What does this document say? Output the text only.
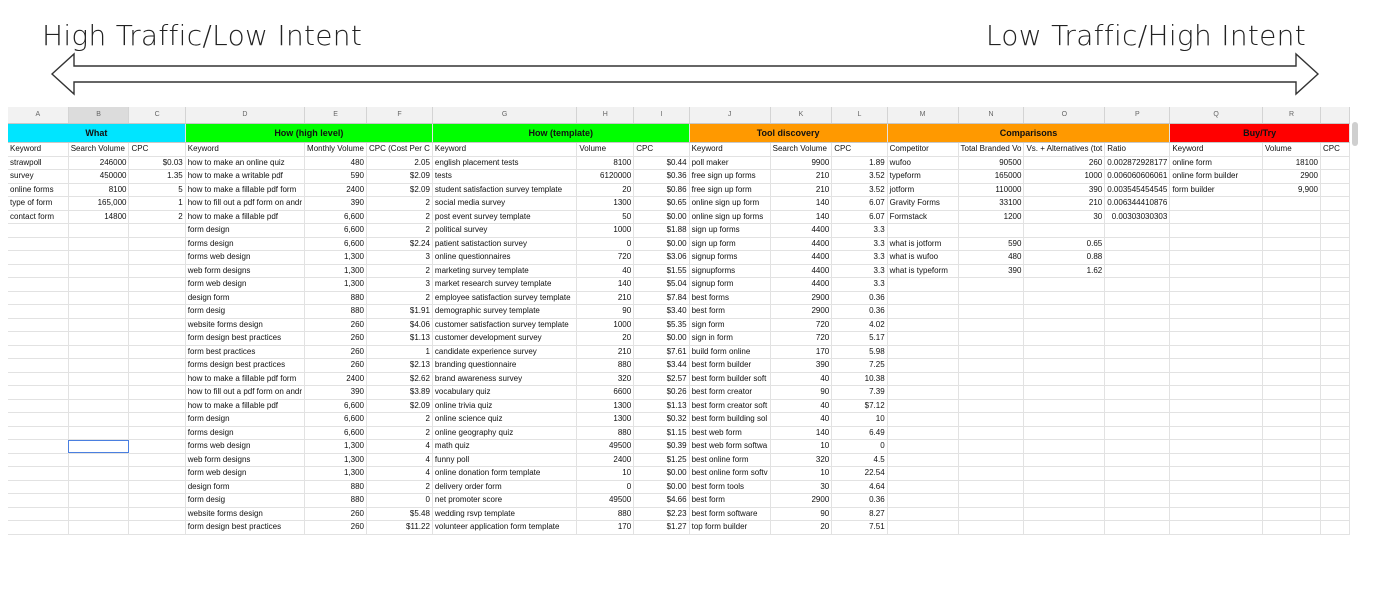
High Traffic/Low Intent	Low Traffic/High Intent
A	B	C	D	E	F	G	H	I	J	K	L	M	N	O	P	Q	R	
What			How (high level)			How (template)			Tool discovery			Comparisons				Buy/Try		
Keyword	Search Volume	CPC	Keyword	Monthly Volume	CPC (Cost Per C	Keyword	Volume	CPC	Keyword	Search Volume	CPC	Competitor	Total Branded Vo	Vs. + Alternatives (tot	Ratio	Keyword	Volume	CPC
strawpoll	246000	$0.03	how to make an online quiz	480	2.05	english placement tests	8100	$0.44	poll maker	9900	1.89	wufoo	90500	260	0.002872928177	online form	18100	
survey	450000	1.35	how to make a writable pdf	590	$2.09	tests	6120000	$0.36	free sign up forms	210	3.52	typeform	165000	1000	0.006060606061	online form builder	2900	
online forms	8100	5	how to make a fillable pdf form	2400	$2.09	student satisfaction survey template	20	$0.86	free sign up form	210	3.52	jotform	110000	390	0.003545454545	form builder	9,900	
type of form	165,000	1	how to fill out a pdf form on andr	390	2	social media survey	1300	$0.65	online sign up form	140	6.07	Gravity Forms	33100	210	0.006344410876			
contact form	14800	2	how to make a fillable pdf	6,600	2	post event survey template	50	$0.00	online sign up forms	140	6.07	Formstack	1200	30	0.00303030303			
			form design	6,600	2	political survey	1000	$1.88	sign up forms	4400	3.3							
			forms design	6,600	$2.24	patient satistaction survey	0	$0.00	sign up form	4400	3.3	what is jotform	590	0.65				
			forms web design	1,300	3	online questionnaires	720	$3.06	signup forms	4400	3.3	what is wufoo	480	0.88				
			web form designs	1,300	2	marketing survey template	40	$1.55	signupforms	4400	3.3	what is typeform	390	1.62				
			form web design	1,300	3	market research survey template	140	$5.04	signup form	4400	3.3							
			design form	880	2	employee satisfaction survey template	210	$7.84	best forms	2900	0.36							
			form desig	880	$1.91	demographic survey template	90	$3.40	best form	2900	0.36							
			website forms design	260	$4.06	customer satisfaction survey template	1000	$5.35	sign form	720	4.02							
			form design best practices	260	$1.13	customer development survey	20	$0.00	sign in form	720	5.17							
			form best practices	260	1	candidate experience survey	210	$7.61	build form online	170	5.98							
			forms design best practices	260	$2.13	branding questionnaire	880	$3.44	best form builder	390	7.25							
			how to make a fillable pdf form	2400	$2.62	brand awareness survey	320	$2.57	best form builder soft	40	10.38							
			how to fill out a pdf form on andr	390	$3.89	vocabulary quiz	6600	$0.26	best form creator	90	7.39							
			how to make a fillable pdf	6,600	$2.09	online trivia quiz	1300	$1.13	best form creator soft	40	$7.12							
			form design	6,600	2	online science quiz	1300	$0.32	best form building sol	40	10							
			forms design	6,600	2	online geography quiz	880	$1.15	best web form	140	6.49							
			forms web design	1,300	4	math quiz	49500	$0.39	best web form softwa	10	0							
			web form designs	1,300	4	funny poll	2400	$1.25	best online form	320	4.5							
			form web design	1,300	4	online donation form template	10	$0.00	best online form softv	10	22.54							
			design form	880	2	delivery order form	0	$0.00	best form tools	30	4.64							
			form desig	880	0	net promoter score	49500	$4.66	best form	2900	0.36							
			website forms design	260	$5.48	wedding rsvp template	880	$2.23	best form software	90	8.27							
			form design best practices	260	$11.22	volunteer application form template	170	$1.27	top form builder	20	7.51							
